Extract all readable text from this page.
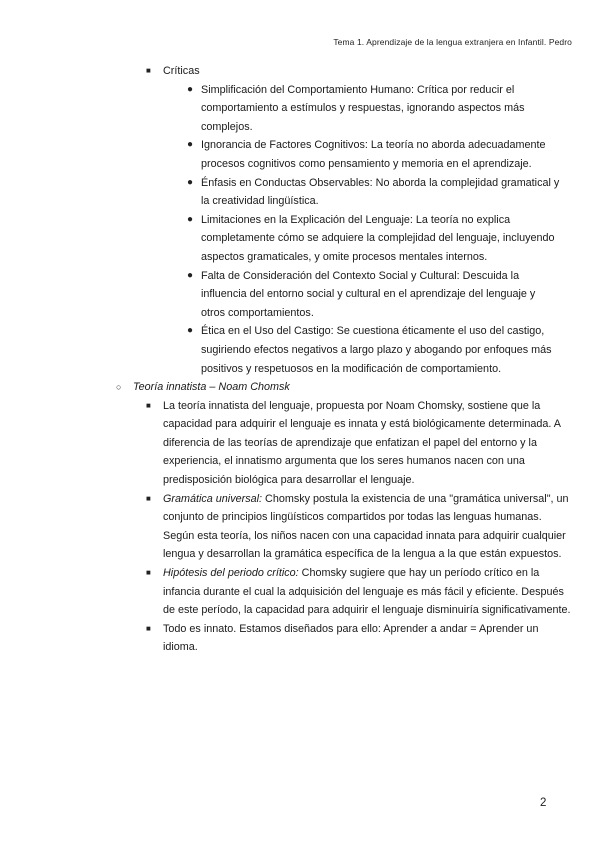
Tema 1. Aprendizaje de la lengua extranjera en Infantil. Pedro
■ Críticas
● Simplificación del Comportamiento Humano: Crítica por reducir el comportamiento a estímulos y respuestas, ignorando aspectos más complejos.
● Ignorancia de Factores Cognitivos: La teoría no aborda adecuadamente procesos cognitivos como pensamiento y memoria en el aprendizaje.
● Énfasis en Conductas Observables: No aborda la complejidad gramatical y la creatividad lingüística.
● Limitaciones en la Explicación del Lenguaje: La teoría no explica completamente cómo se adquiere la complejidad del lenguaje, incluyendo aspectos gramaticales, y omite procesos mentales internos.
● Falta de Consideración del Contexto Social y Cultural: Descuida la influencia del entorno social y cultural en el aprendizaje del lenguaje y otros comportamientos.
● Ética en el Uso del Castigo: Se cuestiona éticamente el uso del castigo, sugiriendo efectos negativos a largo plazo y abogando por enfoques más positivos y respetuosos en la modificación de comportamiento.
○ Teoría innatista – Noam Chomsk
■ La teoría innatista del lenguaje, propuesta por Noam Chomsky, sostiene que la capacidad para adquirir el lenguaje es innata y está biológicamente determinada. A diferencia de las teorías de aprendizaje que enfatizan el papel del entorno y la experiencia, el innatismo argumenta que los seres humanos nacen con una predisposición biológica para desarrollar el lenguaje.
■ Gramática universal: Chomsky postula la existencia de una "gramática universal", un conjunto de principios lingüísticos compartidos por todas las lenguas humanas. Según esta teoría, los niños nacen con una capacidad innata para adquirir cualquier lengua y desarrollan la gramática específica de la lengua a la que están expuestos.
■ Hipótesis del periodo crítico: Chomsky sugiere que hay un período crítico en la infancia durante el cual la adquisición del lenguaje es más fácil y eficiente. Después de este período, la capacidad para adquirir el lenguaje disminuiría significativamente.
■ Todo es innato. Estamos diseñados para ello: Aprender a andar = Aprender un idioma.
2
